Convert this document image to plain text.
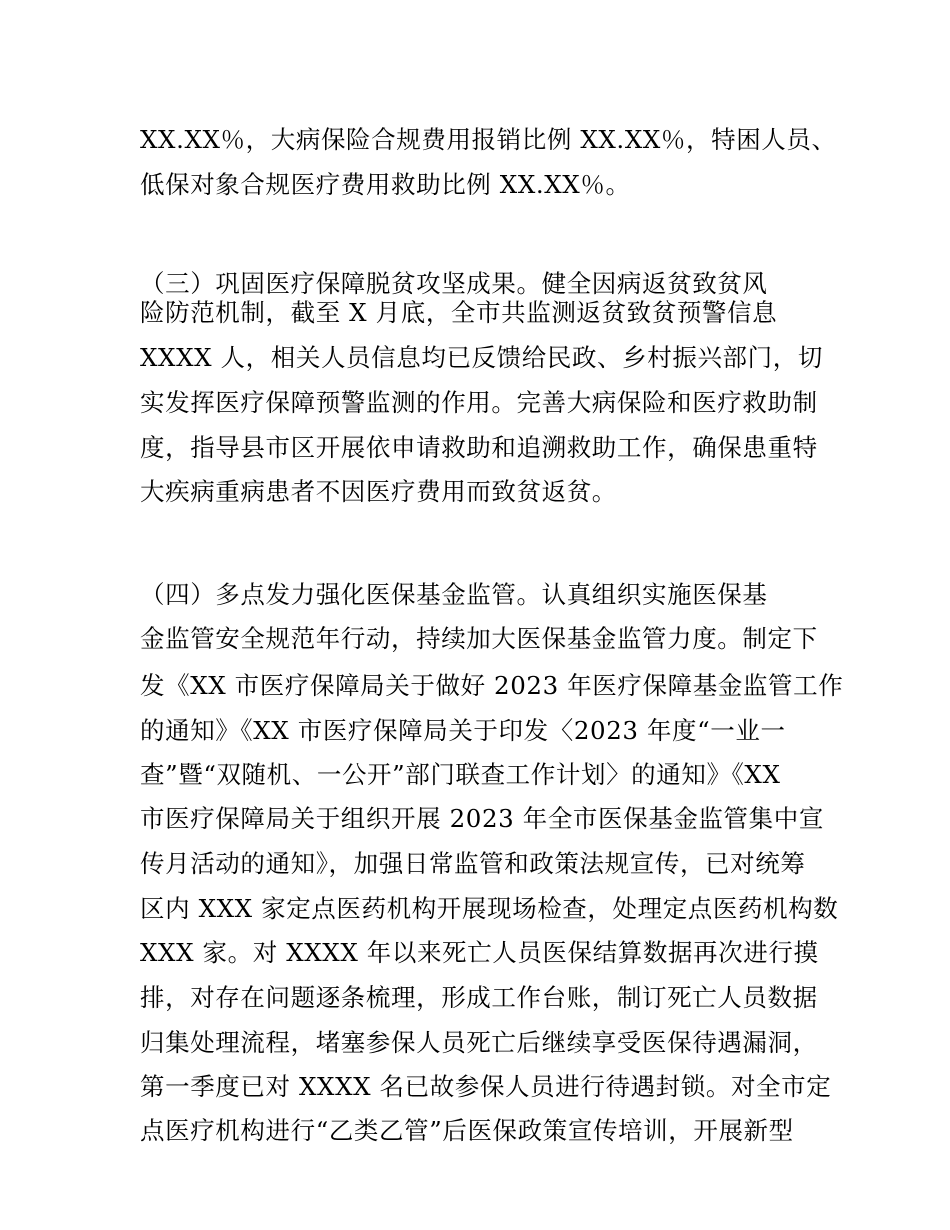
XX.XX％，大病保险合规费用报销比例 XX.XX％，特困人员、
低保对象合规医疗费用救助比例 XX.XX％。
（三）巩固医疗保障脱贫攻坚成果。健全因病返贫致贫风
险防范机制，截至 X 月底，全市共监测返贫致贫预警信息
XXXX 人，相关人员信息均已反馈给民政、乡村振兴部门，切
实发挥医疗保障预警监测的作用。完善大病保险和医疗救助制
度，指导县市区开展依申请救助和追溯救助工作，确保患重特
大疾病重病患者不因医疗费用而致贫返贫。
（四）多点发力强化医保基金监管。认真组织实施医保基
金监管安全规范年行动，持续加大医保基金监管力度。制定下
发《XX 市医疗保障局关于做好 2023 年医疗保障基金监管工作
的通知》《XX 市医疗保障局关于印发〈2023 年度“一业一
查”暨“双随机、一公开”部门联查工作计划〉的通知》《XX
市医疗保障局关于组织开展 2023 年全市医保基金监管集中宣
传月活动的通知》，加强日常监管和政策法规宣传，已对统筹
区内 XXX 家定点医药机构开展现场检查，处理定点医药机构数
XXX 家。对 XXXX 年以来死亡人员医保结算数据再次进行摸
排，对存在问题逐条梳理，形成工作台账，制订死亡人员数据
归集处理流程，堵塞参保人员死亡后继续享受医保待遇漏洞，
第一季度已对 XXXX 名已故参保人员进行待遇封锁。对全市定
点医疗机构进行“乙类乙管”后医保政策宣传培训，开展新型
